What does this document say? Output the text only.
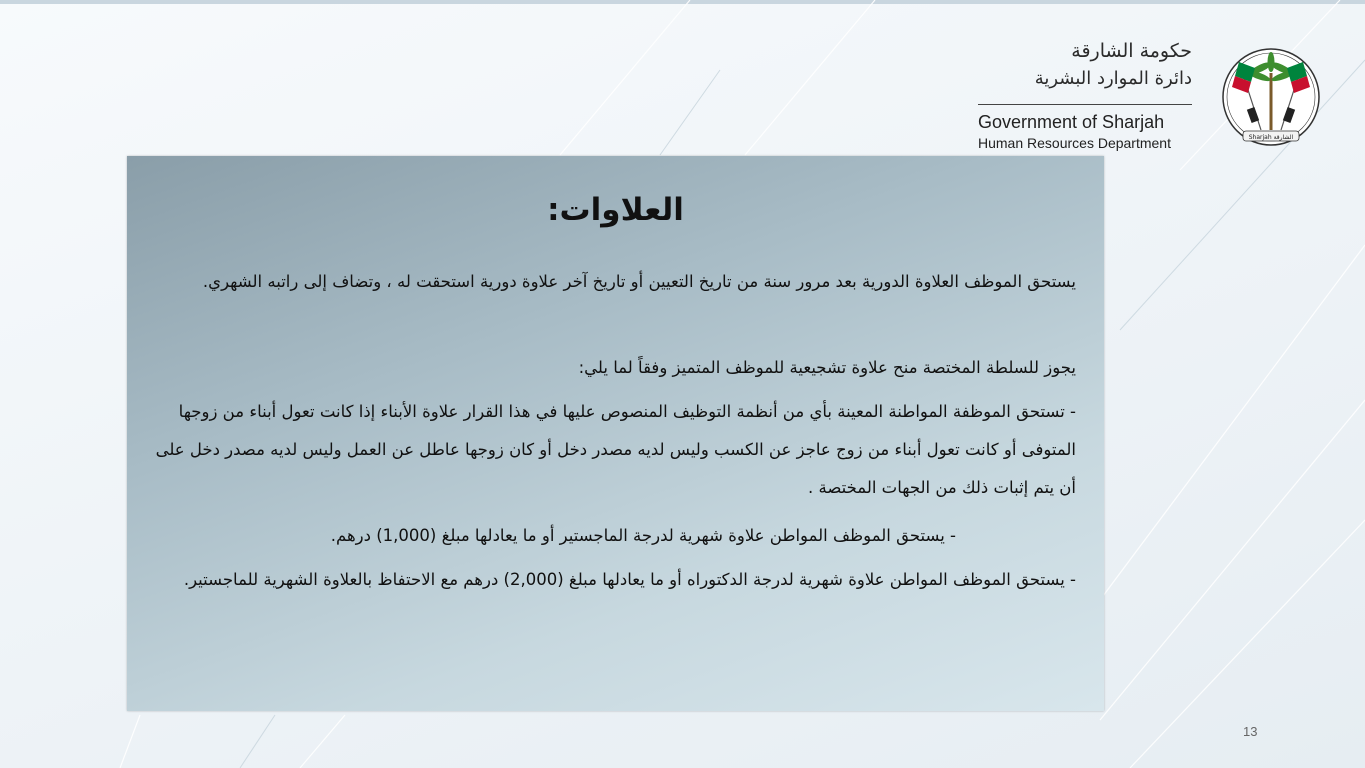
حكومة الشارقة
دائرة الموارد البشرية
Government of Sharjah
Human Resources Department	Sharjah الشارقة
العلاوات:
يستحق الموظف العلاوة الدورية بعد مرور سنة من تاريخ التعيين أو تاريخ آخر علاوة دورية استحقت له ، وتضاف إلى راتبه الشهري.
يجوز للسلطة المختصة منح علاوة تشجيعية للموظف المتميز وفقاً لما يلي:
- تستحق الموظفة المواطنة المعينة بأي من أنظمة التوظيف المنصوص عليها في هذا القرار علاوة الأبناء إذا كانت تعول أبناء من زوجها المتوفى أو كانت تعول أبناء من زوج عاجز عن الكسب وليس لديه مصدر دخل أو كان زوجها عاطل عن العمل وليس لديه مصدر دخل على أن يتم إثبات ذلك من الجهات المختصة .
- يستحق الموظف المواطن علاوة شهرية لدرجة الماجستير أو ما يعادلها مبلغ (1,000) درهم.
- يستحق الموظف المواطن علاوة شهرية لدرجة الدكتوراه أو ما يعادلها مبلغ (2,000) درهم مع الاحتفاظ بالعلاوة الشهرية للماجستير.
13
